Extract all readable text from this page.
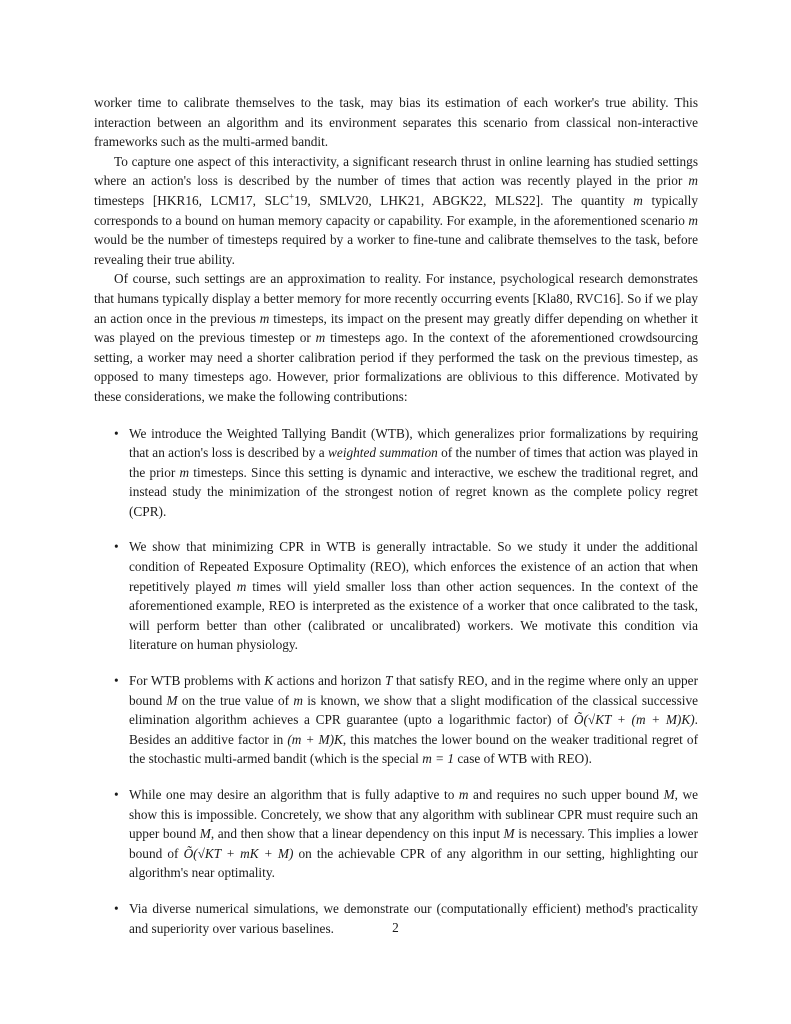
worker time to calibrate themselves to the task, may bias its estimation of each worker's true ability. This interaction between an algorithm and its environment separates this scenario from classical non-interactive frameworks such as the multi-armed bandit.

To capture one aspect of this interactivity, a significant research thrust in online learning has studied settings where an action's loss is described by the number of times that action was recently played in the prior m timesteps [HKR16, LCM17, SLC+19, SMLV20, LHK21, ABGK22, MLS22]. The quantity m typically corresponds to a bound on human memory capacity or capability. For example, in the aforementioned scenario m would be the number of timesteps required by a worker to fine-tune and calibrate themselves to the task, before revealing their true ability.

Of course, such settings are an approximation to reality. For instance, psychological research demonstrates that humans typically display a better memory for more recently occurring events [Kla80, RVC16]. So if we play an action once in the previous m timesteps, its impact on the present may greatly differ depending on whether it was played on the previous timestep or m timesteps ago. In the context of the aforementioned crowdsourcing setting, a worker may need a shorter calibration period if they performed the task on the previous timestep, as opposed to many timesteps ago. However, prior formalizations are oblivious to this difference. Motivated by these considerations, we make the following contributions:

• We introduce the Weighted Tallying Bandit (WTB), which generalizes prior formalizations by requiring that an action's loss is described by a weighted summation of the number of times that action was played in the prior m timesteps. Since this setting is dynamic and interactive, we eschew the traditional regret, and instead study the minimization of the strongest notion of regret known as the complete policy regret (CPR).
• We show that minimizing CPR in WTB is generally intractable. So we study it under the additional condition of Repeated Exposure Optimality (REO), which enforces the existence of an action that when repetitively played m times will yield smaller loss than other action sequences. In the context of the aforementioned example, REO is interpreted as the existence of a worker that once calibrated to the task, will perform better than other (calibrated or uncalibrated) workers. We motivate this condition via literature on human physiology.
• For WTB problems with K actions and horizon T that satisfy REO, and in the regime where only an upper bound M on the true value of m is known, we show that a slight modification of the classical successive elimination algorithm achieves a CPR guarantee (upto a logarithmic factor) of Õ(√KT + (m + M)K). Besides an additive factor in (m + M)K, this matches the lower bound on the weaker traditional regret of the stochastic multi-armed bandit (which is the special m = 1 case of WTB with REO).
• While one may desire an algorithm that is fully adaptive to m and requires no such upper bound M, we show this is impossible. Concretely, we show that any algorithm with sublinear CPR must require such an upper bound M, and then show that a linear dependency on this input M is necessary. This implies a lower bound of Õ(√KT + mK + M) on the achievable CPR of any algorithm in our setting, highlighting our algorithm's near optimality.
• Via diverse numerical simulations, we demonstrate our (computationally efficient) method's practicality and superiority over various baselines.	2
